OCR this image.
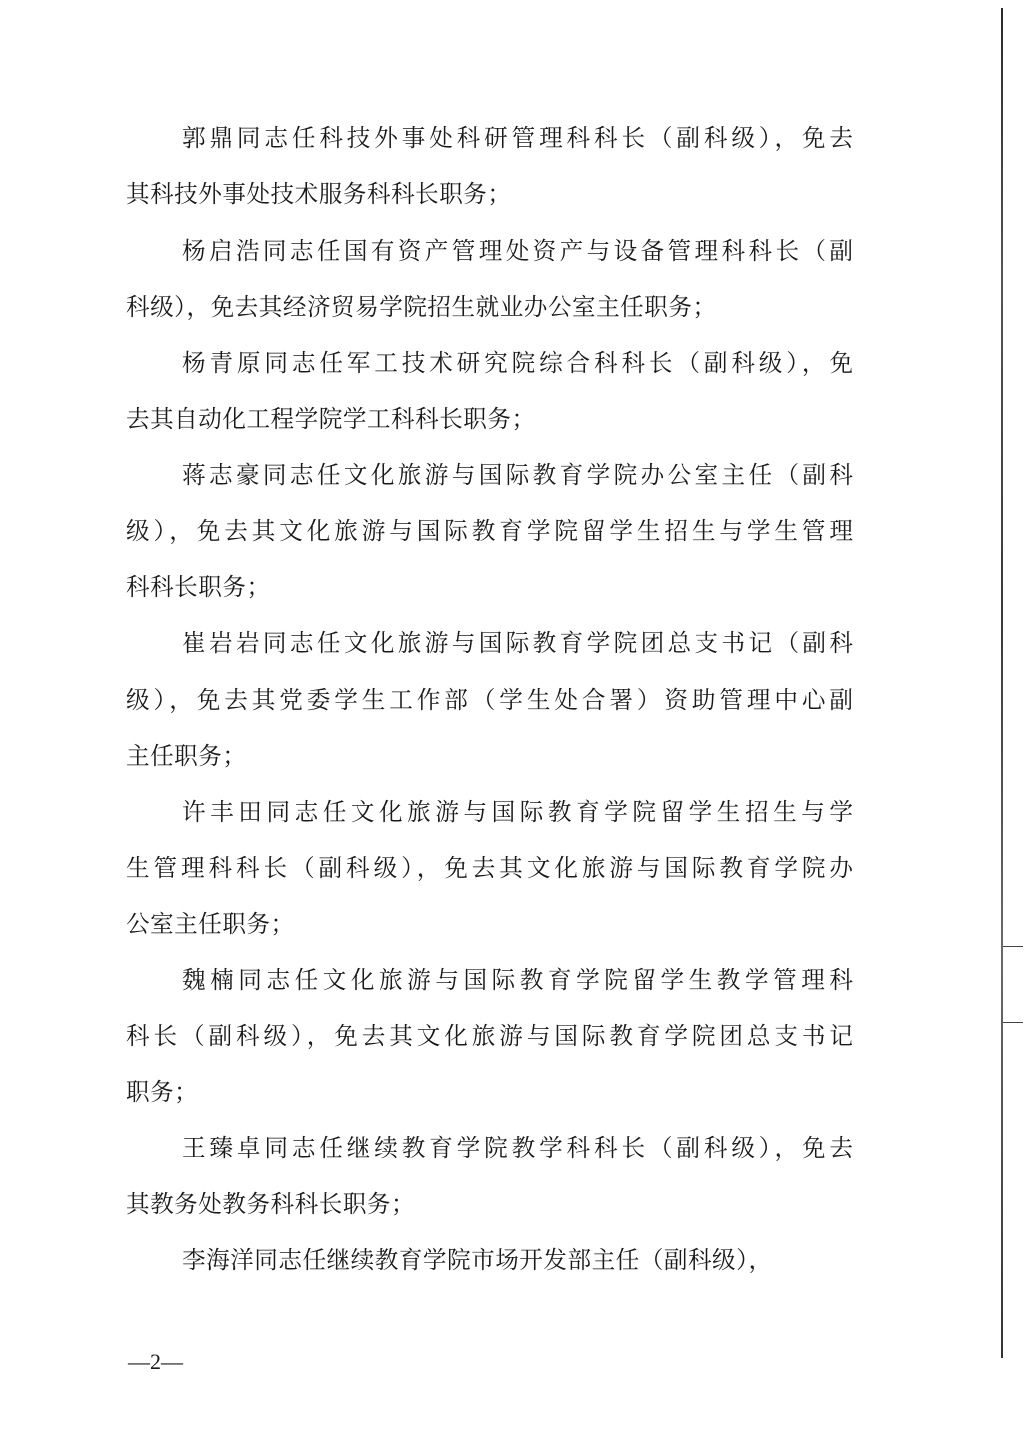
郭鼎同志任科技外事处科研管理科科长（副科级），免去
其科技外事处技术服务科科长职务；
杨启浩同志任国有资产管理处资产与设备管理科科长（副
科级），免去其经济贸易学院招生就业办公室主任职务；
杨青原同志任军工技术研究院综合科科长（副科级），免
去其自动化工程学院学工科科长职务；
蒋志豪同志任文化旅游与国际教育学院办公室主任（副科
级），免去其文化旅游与国际教育学院留学生招生与学生管理
科科长职务；
崔岩岩同志任文化旅游与国际教育学院团总支书记（副科
级），免去其党委学生工作部（学生处合署）资助管理中心副
主任职务；
许丰田同志任文化旅游与国际教育学院留学生招生与学
生管理科科长（副科级），免去其文化旅游与国际教育学院办
公室主任职务；
魏楠同志任文化旅游与国际教育学院留学生教学管理科
科长（副科级），免去其文化旅游与国际教育学院团总支书记
职务；
王臻卓同志任继续教育学院教学科科长（副科级），免去
其教务处教务科科长职务；
李海洋同志任继续教育学院市场开发部主任（副科级），
—2—
